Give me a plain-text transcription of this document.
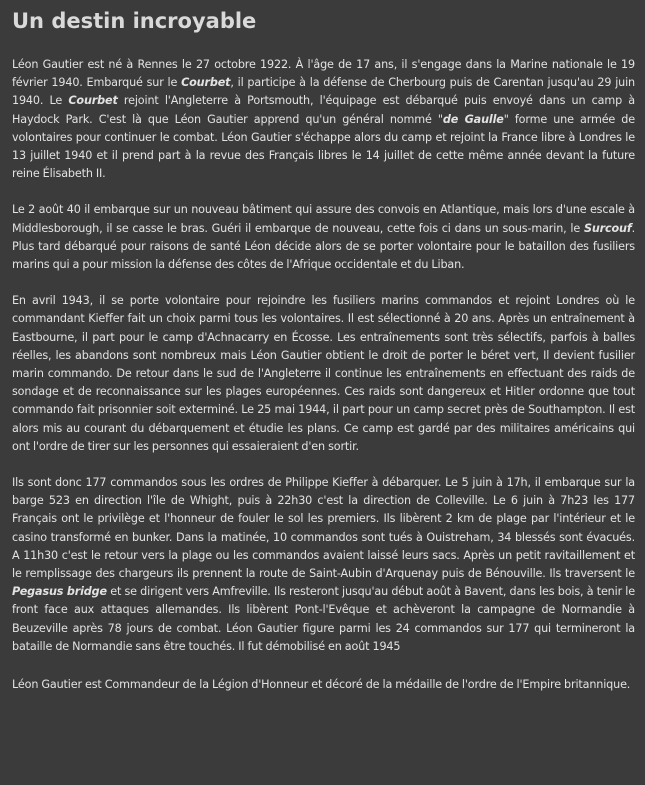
Un destin incroyable

Léon Gautier est né à Rennes le 27 octobre 1922. À l'âge de 17 ans, il s'engage dans la Marine nationale le 19 février 1940. Embarqué sur le Courbet, il participe à la défense de Cherbourg puis de Carentan jusqu'au 29 juin 1940. Le Courbet rejoint l'Angleterre à Portsmouth, l'équipage est débarqué puis envoyé dans un camp à Haydock Park. C'est là que Léon Gautier apprend qu'un général nommé "de Gaulle" forme une armée de volontaires pour continuer le combat. Léon Gautier s'échappe alors du camp et rejoint la France libre à Londres le 13 juillet 1940 et il prend part à la revue des Français libres le 14 juillet de cette même année devant la future reine Élisabeth II.

Le 2 août 40 il embarque sur un nouveau bâtiment qui assure des convois en Atlantique, mais lors d'une escale à Middlesborough, il se casse le bras. Guéri il embarque de nouveau, cette fois ci dans un sous-marin, le Surcouf. Plus tard débarqué pour raisons de santé Léon décide alors de se porter volontaire pour le bataillon des fusiliers marins qui a pour mission la défense des côtes de l'Afrique occidentale et du Liban.

En avril 1943, il se porte volontaire pour rejoindre les fusiliers marins commandos et rejoint Londres où le commandant Kieffer fait un choix parmi tous les volontaires. Il est sélectionné à 20 ans. Après un entraînement à Eastbourne, il part pour le camp d'Achnacarry en Écosse. Les entraînements sont très sélectifs, parfois à balles réelles, les abandons sont nombreux mais Léon Gautier obtient le droit de porter le béret vert, Il devient fusilier marin commando. De retour dans le sud de l'Angleterre il continue les entraînements en effectuant des raids de sondage et de reconnaissance sur les plages européennes. Ces raids sont dangereux et Hitler ordonne que tout commando fait prisonnier soit exterminé. Le 25 mai 1944, il part pour un camp secret près de Southampton. Il est alors mis au courant du débarquement et étudie les plans. Ce camp est gardé par des militaires américains qui ont l'ordre de tirer sur les personnes qui essaieraient d'en sortir.

Ils sont donc 177 commandos sous les ordres de Philippe Kieffer à débarquer. Le 5 juin à 17h, il embarque sur la barge 523 en direction l'île de Whight, puis à 22h30 c'est la direction de Colleville. Le 6 juin à 7h23 les 177 Français ont le privilège et l'honneur de fouler le sol les premiers. Ils libèrent 2 km de plage par l'intérieur et le casino transformé en bunker. Dans la matinée, 10 commandos sont tués à Ouistreham, 34 blessés sont évacués. A 11h30 c'est le retour vers la plage ou les commandos avaient laissé leurs sacs. Après un petit ravitaillement et le remplissage des chargeurs ils prennent la route de Saint-Aubin d'Arquenay puis de Bénouville. Ils traversent le Pegasus bridge et se dirigent vers Amfreville. Ils resteront jusqu'au début août à Bavent, dans les bois, à tenir le front face aux attaques allemandes. Ils libèrent Pont-l'Evêque et achèveront la campagne de Normandie à Beuzeville après 78 jours de combat. Léon Gautier figure parmi les 24 commandos sur 177 qui termineront la bataille de Normandie sans être touchés. Il fut démobilisé en août 1945

Léon Gautier est Commandeur de la Légion d'Honneur et décoré de la médaille de l'ordre de l'Empire britannique.
